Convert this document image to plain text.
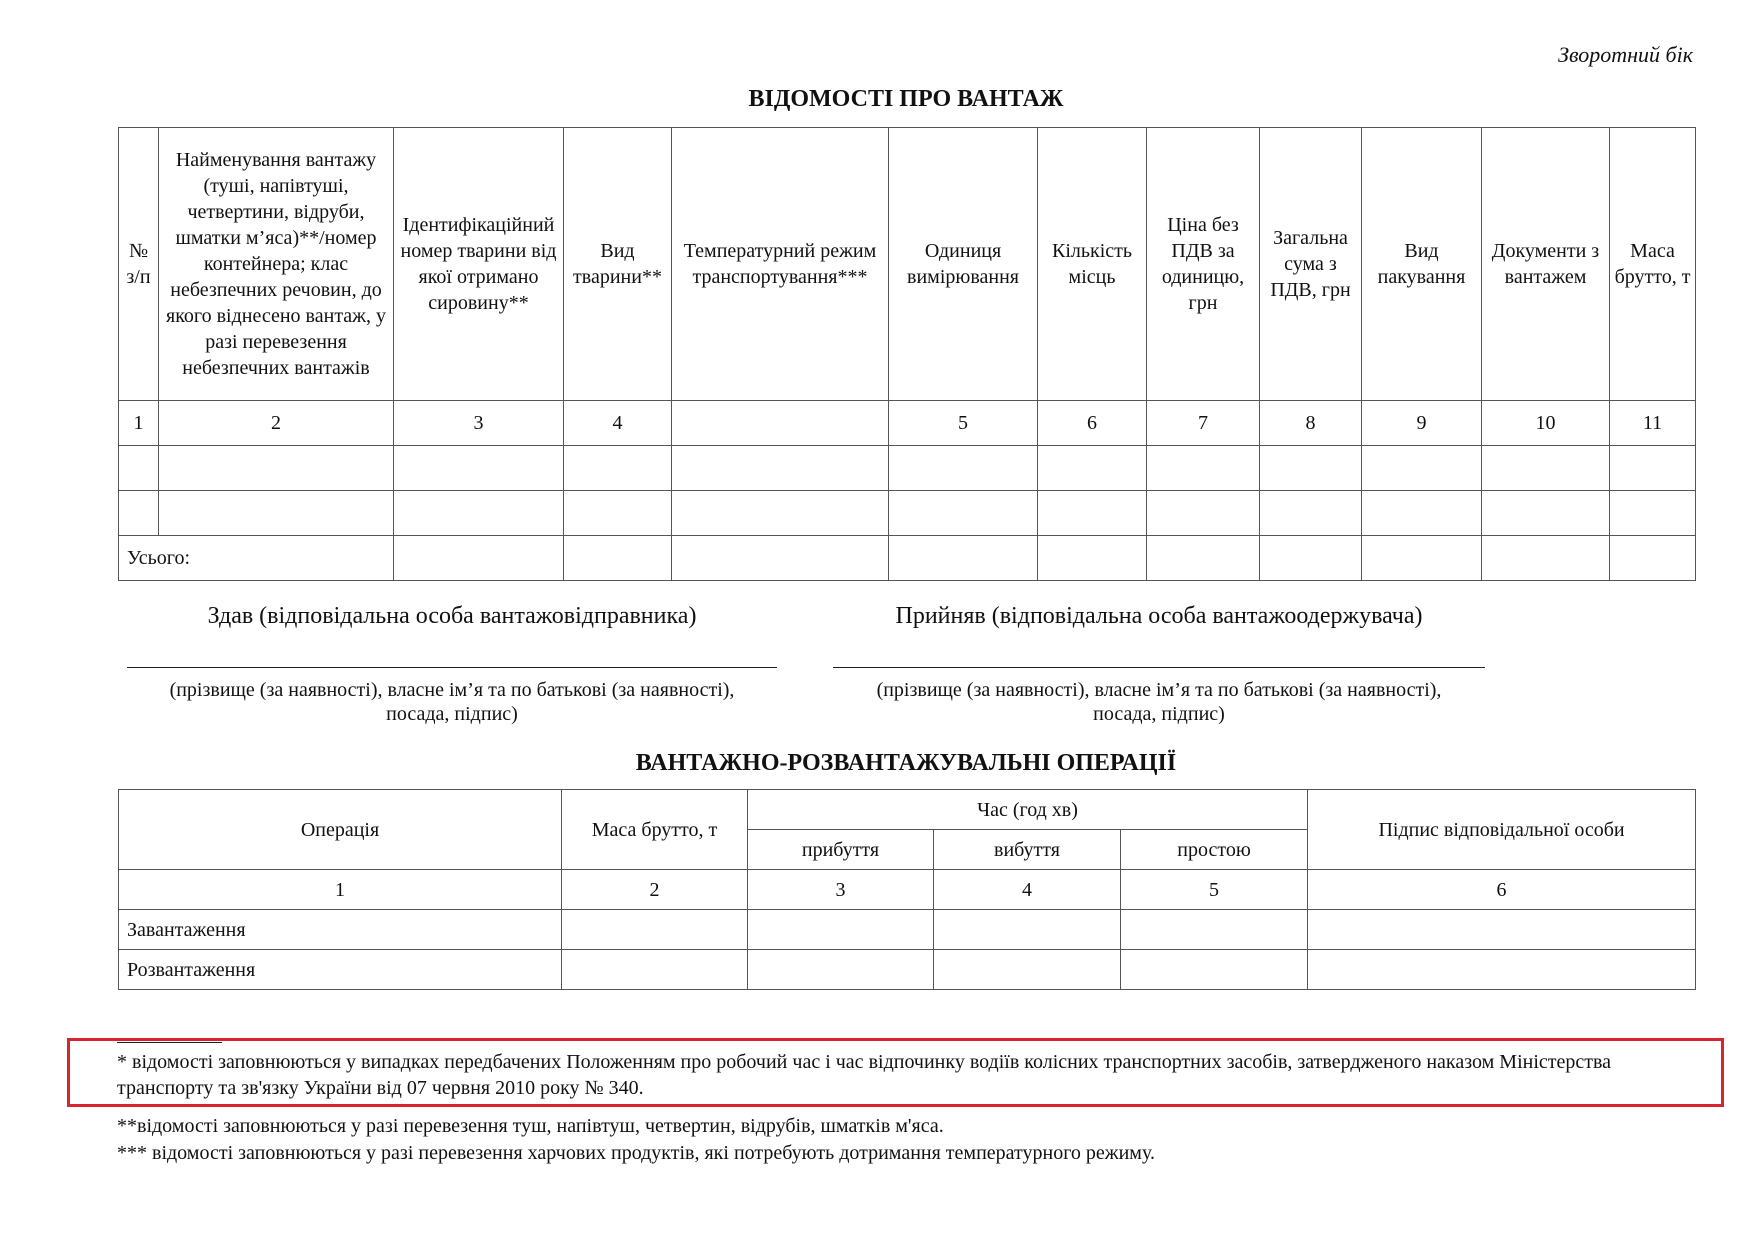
Зворотний бік
ВІДОМОСТІ ПРО ВАНТАЖ
№ з/п	Найменування вантажу (туші, напівтуші, четвертини, відруби, шматки м’яса)**/номер контейнера; клас небезпечних речовин, до якого віднесено вантаж, у разі перевезення небезпечних вантажів	Ідентифікаційний номер тварини від якої отримано сировину**	Вид тварини**	Температурний режим транспортування***	Одиниця вимірювання	Кількість місць	Ціна без ПДВ за одиницю, грн	Загальна сума з ПДВ, грн	Вид пакування	Документи з вантажем	Маса брутто, т
1	2	3	4		5	6	7	8	9	10	11

Усього:											
Здав (відповідальна особа вантажовідправника)
(прізвище (за наявності), власне ім’я та по батькові (за наявності),
посада, підпис)
Прийняв (відповідальна особа вантажоодержувача)
(прізвище (за наявності), власне ім’я та по батькові (за наявності),
посада, підпис)
ВАНТАЖНО-РОЗВАНТАЖУВАЛЬНІ ОПЕРАЦІЇ
Операція	Маса брутто, т	Час (год хв)			Підпис відповідальної особи
		прибуття	вибуття	простою	
1	2	3	4	5	6
Завантаження					
Розвантаження					
* відомості заповнюються у випадках передбачених Положенням про робочий час і час відпочинку водіїв колісних транспортних засобів, затвердженого наказом Міністерства
транспорту та зв'язку України від 07 червня 2010 року № 340.
**відомості заповнюються у разі перевезення туш, напівтуш, четвертин, відрубів, шматків м'яса.
*** відомості заповнюються у разі перевезення харчових продуктів, які потребують дотримання температурного режиму.
